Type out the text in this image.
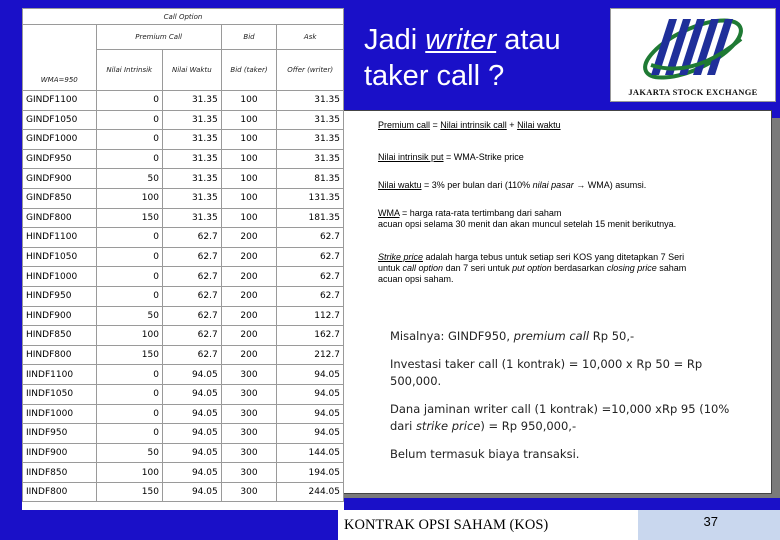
Call Option				
WMA=950	Premium Call		Bid	Ask
	Nilai Intrinsik	Nilai Waktu	Bid (taker)	Offer (writer)
GINDF1100	0	31.35	100	31.35
GINDF1050	0	31.35	100	31.35
GINDF1000	0	31.35	100	31.35
GINDF950	0	31.35	100	31.35
GINDF900	50	31.35	100	81.35
GINDF850	100	31.35	100	131.35
GINDF800	150	31.35	100	181.35
HINDF1100	0	62.7	200	62.7
HINDF1050	0	62.7	200	62.7
HINDF1000	0	62.7	200	62.7
HINDF950	0	62.7	200	62.7
HINDF900	50	62.7	200	112.7
HINDF850	100	62.7	200	162.7
HINDF800	150	62.7	200	212.7
IINDF1100	0	94.05	300	94.05
IINDF1050	0	94.05	300	94.05
IINDF1000	0	94.05	300	94.05
IINDF950	0	94.05	300	94.05
IINDF900	50	94.05	300	144.05
IINDF850	100	94.05	300	194.05
IINDF800	150	94.05	300	244.05
Jadi writer atau
taker call ?	JAKARTA STOCK EXCHANGE
Premium call = Nilai intrinsik call + Nilai waktu
Nilai intrinsik put = WMA-Strike price
Nilai waktu = 3% per bulan dari (110% nilai pasar → WMA) asumsi.
WMA = harga rata-rata tertimbang dari saham
acuan opsi selama 30 menit dan akan muncul setelah 15 menit berikutnya.
Strike price adalah harga tebus untuk setiap seri KOS yang ditetapkan 7 Seri
untuk call option dan 7 seri untuk put option berdasarkan closing price saham
acuan opsi saham.
Misalnya: GINDF950, premium call Rp 50,-
Investasi taker call (1 kontrak) = 10,000 x Rp 50 = Rp 500,000.
Dana jaminan writer call (1 kontrak) =10,000 xRp 95 (10% dari strike price) = Rp 950,000,-
Belum termasuk biaya transaksi.
KONTRAK OPSI SAHAM (KOS)	37
